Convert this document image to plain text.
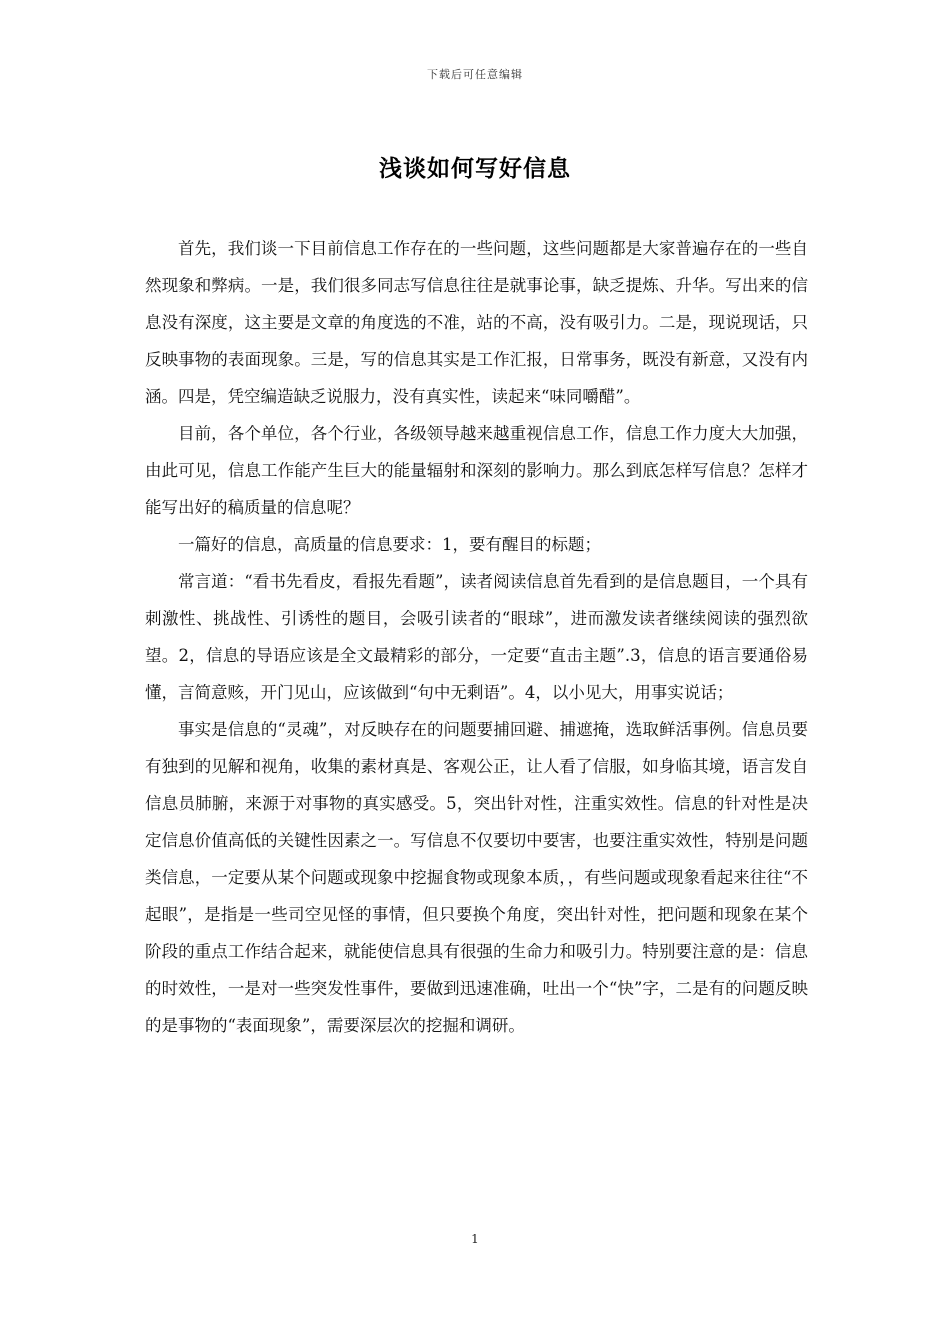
下载后可任意编辑
浅谈如何写好信息

首先，我们谈一下目前信息工作存在的一些问题，这些问题都是大家普遍存在的一些自然现象和弊病。一是，我们很多同志写信息往往是就事论事，缺乏提炼、升华。写出来的信息没有深度，这主要是文章的角度选的不准，站的不高，没有吸引力。二是，现说现话，只反映事物的表面现象。三是，写的信息其实是工作汇报，日常事务，既没有新意，又没有内涵。四是，凭空编造缺乏说服力，没有真实性，读起来“味同嚼醋”。

目前，各个单位，各个行业，各级领导越来越重视信息工作，信息工作力度大大加强，由此可见，信息工作能产生巨大的能量辐射和深刻的影响力。那么到底怎样写信息？怎样才能写出好的稿质量的信息呢？

一篇好的信息，高质量的信息要求：1，要有醒目的标题；

常言道：“看书先看皮，看报先看题”，读者阅读信息首先看到的是信息题目，一个具有刺激性、挑战性、引诱性的题目，会吸引读者的“眼球”，进而激发读者继续阅读的强烈欲望。2，信息的导语应该是全文最精彩的部分，一定要“直击主题”.3，信息的语言要通俗易懂，言简意赅，开门见山，应该做到“句中无剩语”。4，以小见大，用事实说话；

事实是信息的“灵魂”，对反映存在的问题要捕回避、捕遮掩，选取鲜活事例。信息员要有独到的见解和视角，收集的素材真是、客观公正，让人看了信服，如身临其境，语言发自信息员肺腑，来源于对事物的真实感受。5，突出针对性，注重实效性。信息的针对性是决定信息价值高低的关键性因素之一。写信息不仅要切中要害，也要注重实效性，特别是问题类信息，一定要从某个问题或现象中挖掘食物或现象本质，，有些问题或现象看起来往往“不起眼”，是指是一些司空见怪的事情，但只要换个角度，突出针对性，把问题和现象在某个阶段的重点工作结合起来，就能使信息具有很强的生命力和吸引力。特别要注意的是：信息的时效性，一是对一些突发性事件，要做到迅速准确，吐出一个“快”字，二是有的问题反映的是事物的“表面现象”，需要深层次的挖掘和调研。

1
